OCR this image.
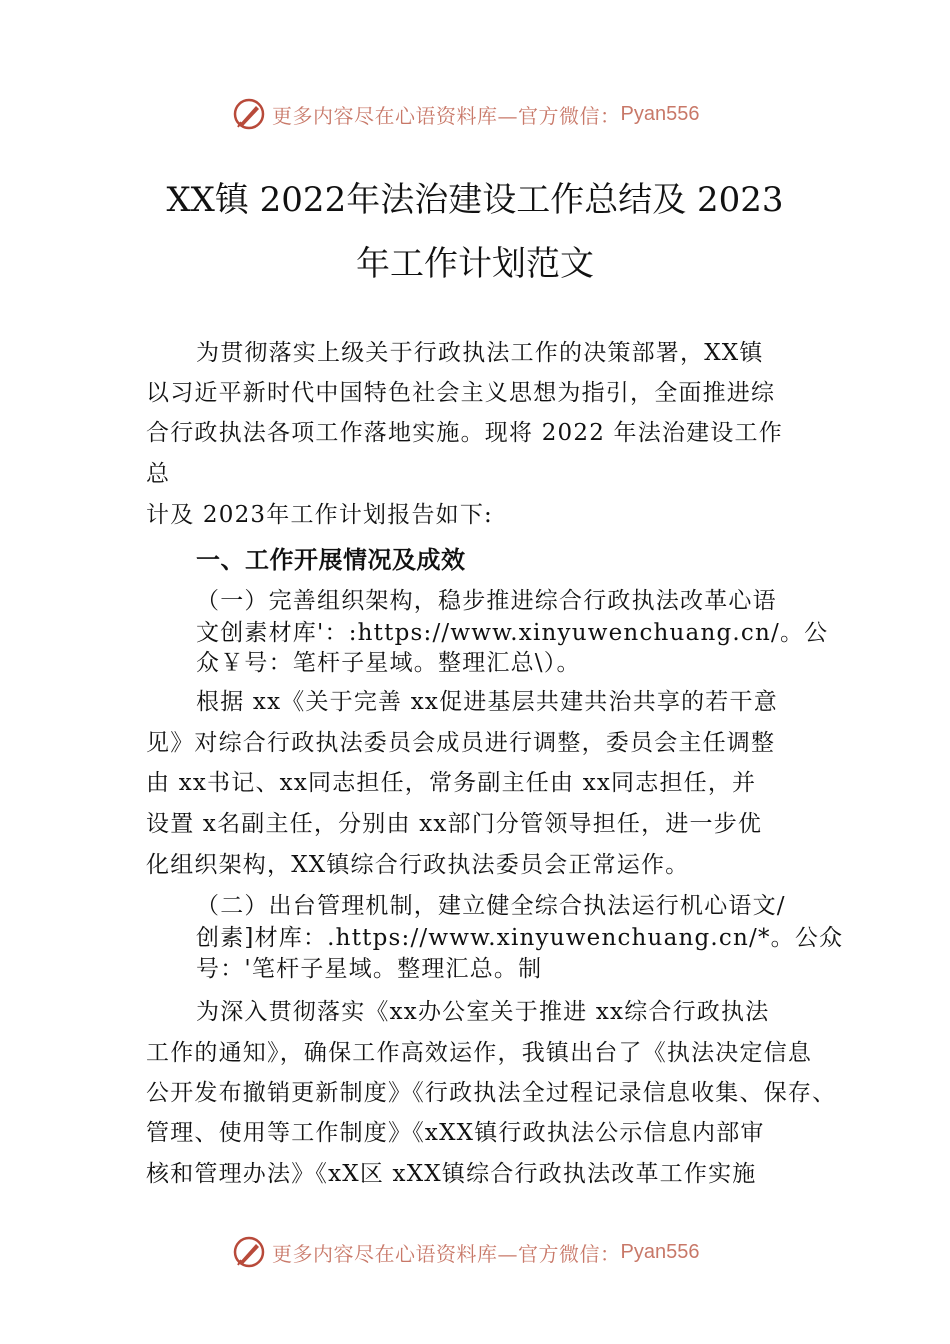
更多内容尽在心语资料库—官方微信： Pyan556
XX镇 2022年法治建设工作总结及 2023
年工作计划范文
为贯彻落实上级关于行政执法工作的决策部署，XX镇
以习近平新时代中国特色社会主义思想为指引，全面推进综
合行政执法各项工作落地实施。现将 2022 年法治建设工作
总
计及 2023年工作计划报告如下:
一、工作开展情况及成效
（一）完善组织架构，稳步推进综合行政执法改革心语
文创素材库'：:https://www.xinyuwenchuang.cn/。公
众￥号：笔杆子星域。整理汇总\）。
根据 xx《关于完善 xx促进基层共建共治共享的若干意
见》对综合行政执法委员会成员进行调整，委员会主任调整
由 xx书记、xx同志担任，常务副主任由 xx同志担任，并
设置 x名副主任，分别由 xx部门分管领导担任，进一步优
化组织架构，XX镇综合行政执法委员会正常运作。
（二）出台管理机制，建立健全综合执法运行机心语文/
创素]材库：.https://www.xinyuwenchuang.cn/*。公众
号：'笔杆子星域。整理汇总。制
为深入贯彻落实《xx办公室关于推进 xx综合行政执法
工作的通知》，确保工作高效运作，我镇出台了《执法决定信息
公开发布撤销更新制度》《行政执法全过程记录信息收集、保存、
管理、使用等工作制度》《xXX镇行政执法公示信息内部审
核和管理办法》《xX区 xXX镇综合行政执法改革工作实施
更多内容尽在心语资料库—官方微信： Pyan556
